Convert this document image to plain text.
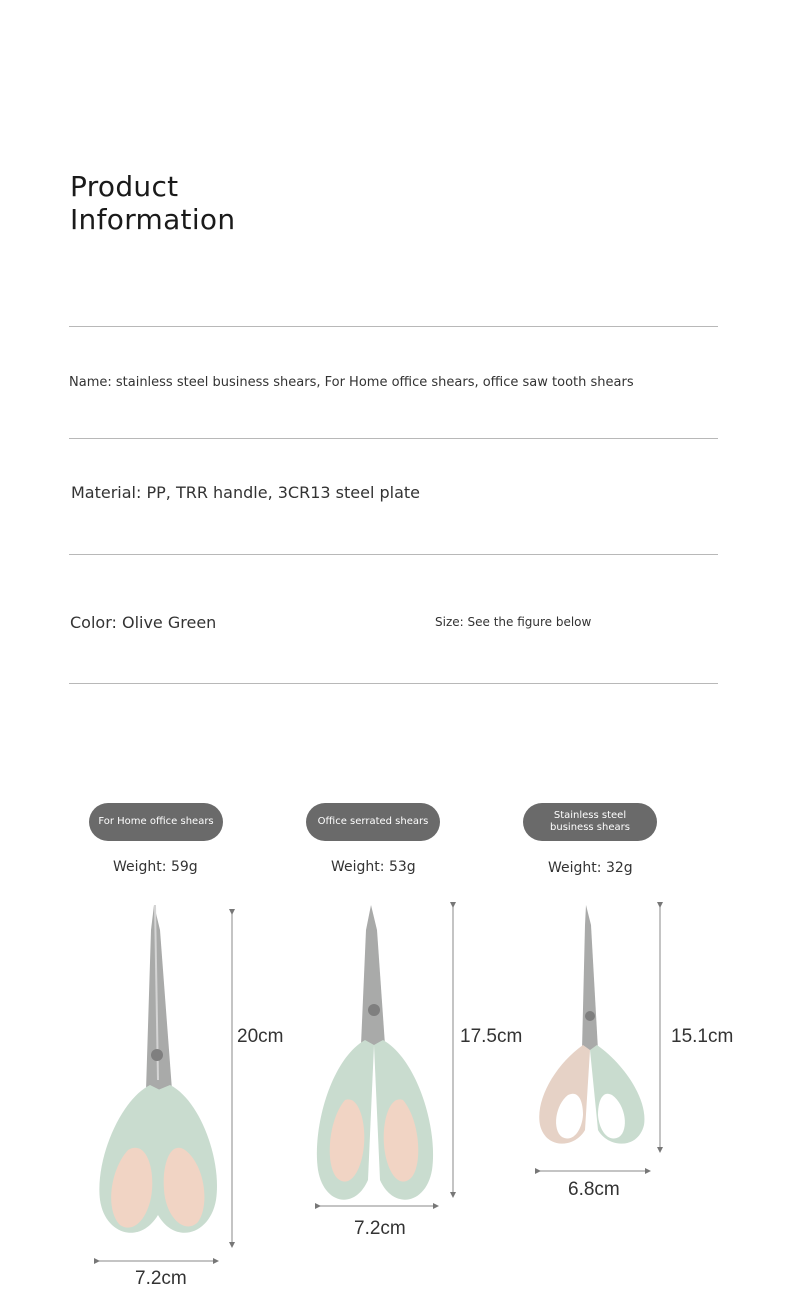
Product
Information
Name: stainless steel business shears, For Home office shears, office saw tooth shears
Material: PP, TRR handle, 3CR13 steel plate
Color: Olive Green	Size: See the figure below
For Home office shears	Office serrated shears
Stainless steel business shears
Weight: 59g	Weight: 53g	Weight: 32g
20cm
7.2cm
17.5cm
7.2cm
15.1cm
6.8cm
